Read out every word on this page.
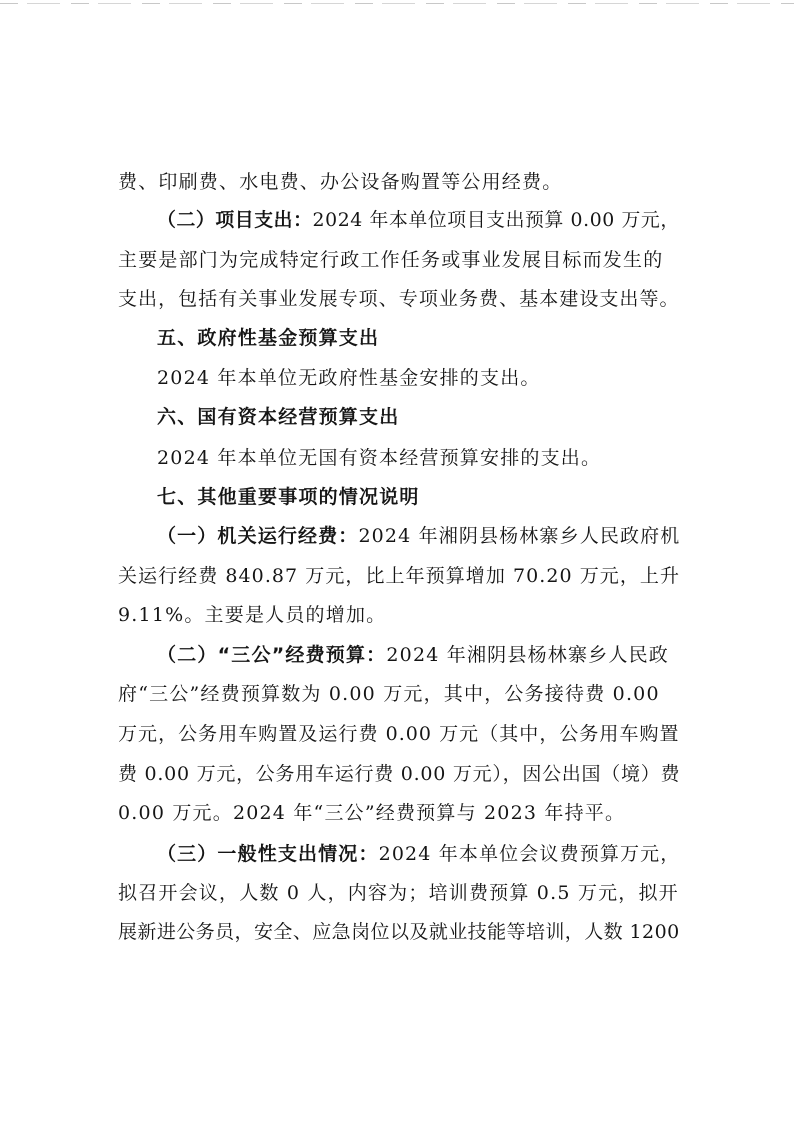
费、印刷费、水电费、办公设备购置等公用经费。
（二）项目支出：2024 年本单位项目支出预算 0.00 万元，
主要是部门为完成特定行政工作任务或事业发展目标而发生的
支出，包括有关事业发展专项、专项业务费、基本建设支出等。
五、政府性基金预算支出
2024 年本单位无政府性基金安排的支出。
六、国有资本经营预算支出
2024 年本单位无国有资本经营预算安排的支出。
七、其他重要事项的情况说明
（一）机关运行经费：2024 年湘阴县杨林寨乡人民政府机
关运行经费 840.87 万元，比上年预算增加 70.20 万元，上升
9.11%。主要是人员的增加。
（二）“三公”经费预算：2024 年湘阴县杨林寨乡人民政
府“三公”经费预算数为 0.00 万元，其中，公务接待费 0.00
万元，公务用车购置及运行费 0.00 万元（其中，公务用车购置
费 0.00 万元，公务用车运行费 0.00 万元），因公出国（境）费
0.00 万元。2024 年“三公”经费预算与 2023 年持平。
（三）一般性支出情况：2024 年本单位会议费预算万元，
拟召开会议，人数 0 人，内容为；培训费预算 0.5 万元，拟开
展新进公务员，安全、应急岗位以及就业技能等培训，人数 1200
